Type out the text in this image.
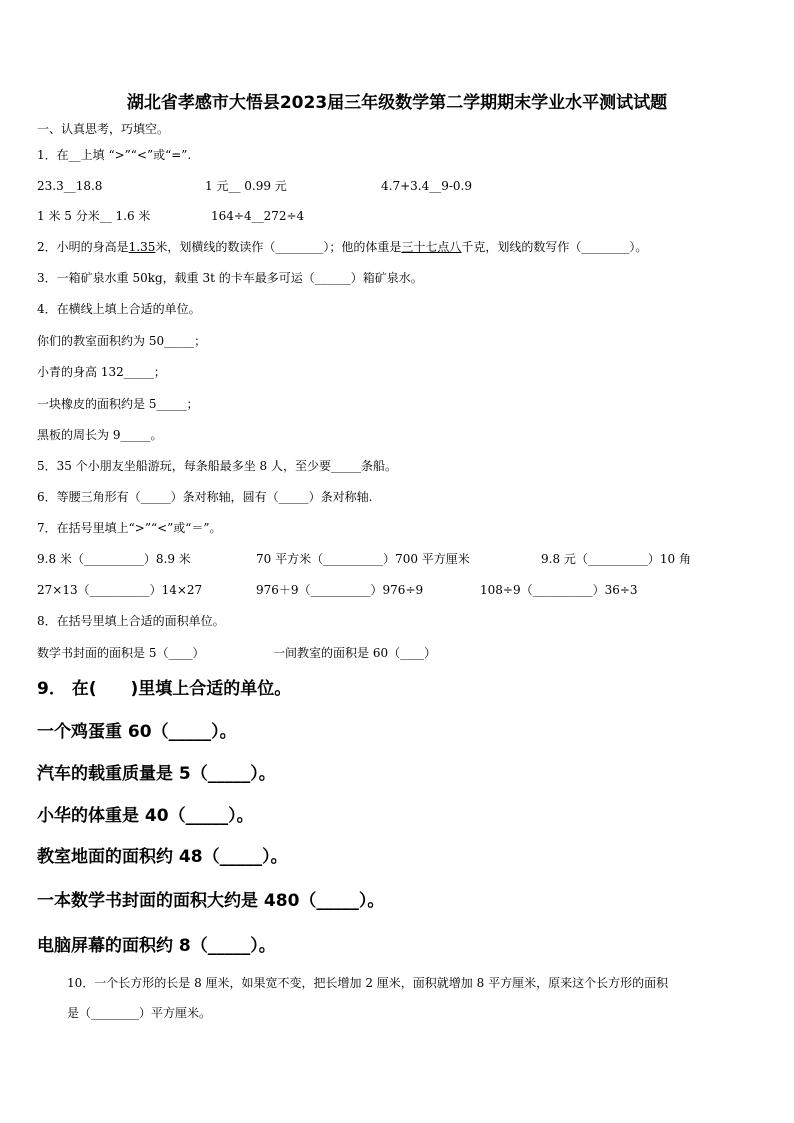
湖北省孝感市大悟县2023届三年级数学第二学期期末学业水平测试试题
一、认真思考，巧填空。
1．在__上填 “>”“<”或“=”.
23.3__18.8	1 元__ 0.99 元	4.7+3.4__9-0.9
1 米 5 分米__ 1.6 米	164÷4__272÷4
2．小明的身高是1.35米，划横线的数读作（________）；他的体重是三十七点八千克，划线的数写作（________）。
3．一箱矿泉水重 50kg，载重 3t 的卡车最多可运（______）箱矿泉水。
4．在横线上填上合适的单位。
你们的教室面积约为 50_____；
小青的身高 132_____；
一块橡皮的面积约是 5_____；
黑板的周长为 9_____。
5．35 个小朋友坐船游玩，每条船最多坐 8 人，至少要_____条船。
6．等腰三角形有（_____）条对称轴，圆有（_____）条对称轴.
7．在括号里填上“>”“<”或“＝”。
9.8 米（__________）8.9 米	70 平方米（__________）700 平方厘米	9.8 元（__________）10 角
27×13（__________）14×27	976＋9（__________）976÷9	108÷9（__________）36÷3
8．在括号里填上合适的面积单位。
数学书封面的面积是 5（____）	一间教室的面积是 60（____）
9． 在(　　)里填上合适的单位。
一个鸡蛋重 60（_____）。
汽车的载重质量是 5（_____）。
小华的体重是 40（_____）。
教室地面的面积约 48（_____）。
一本数学书封面的面积大约是 480（_____）。
电脑屏幕的面积约 8（_____）。
10．一个长方形的长是 8 厘米，如果宽不变，把长增加 2 厘米，面积就增加 8 平方厘米，原来这个长方形的面积
是（________）平方厘米。
